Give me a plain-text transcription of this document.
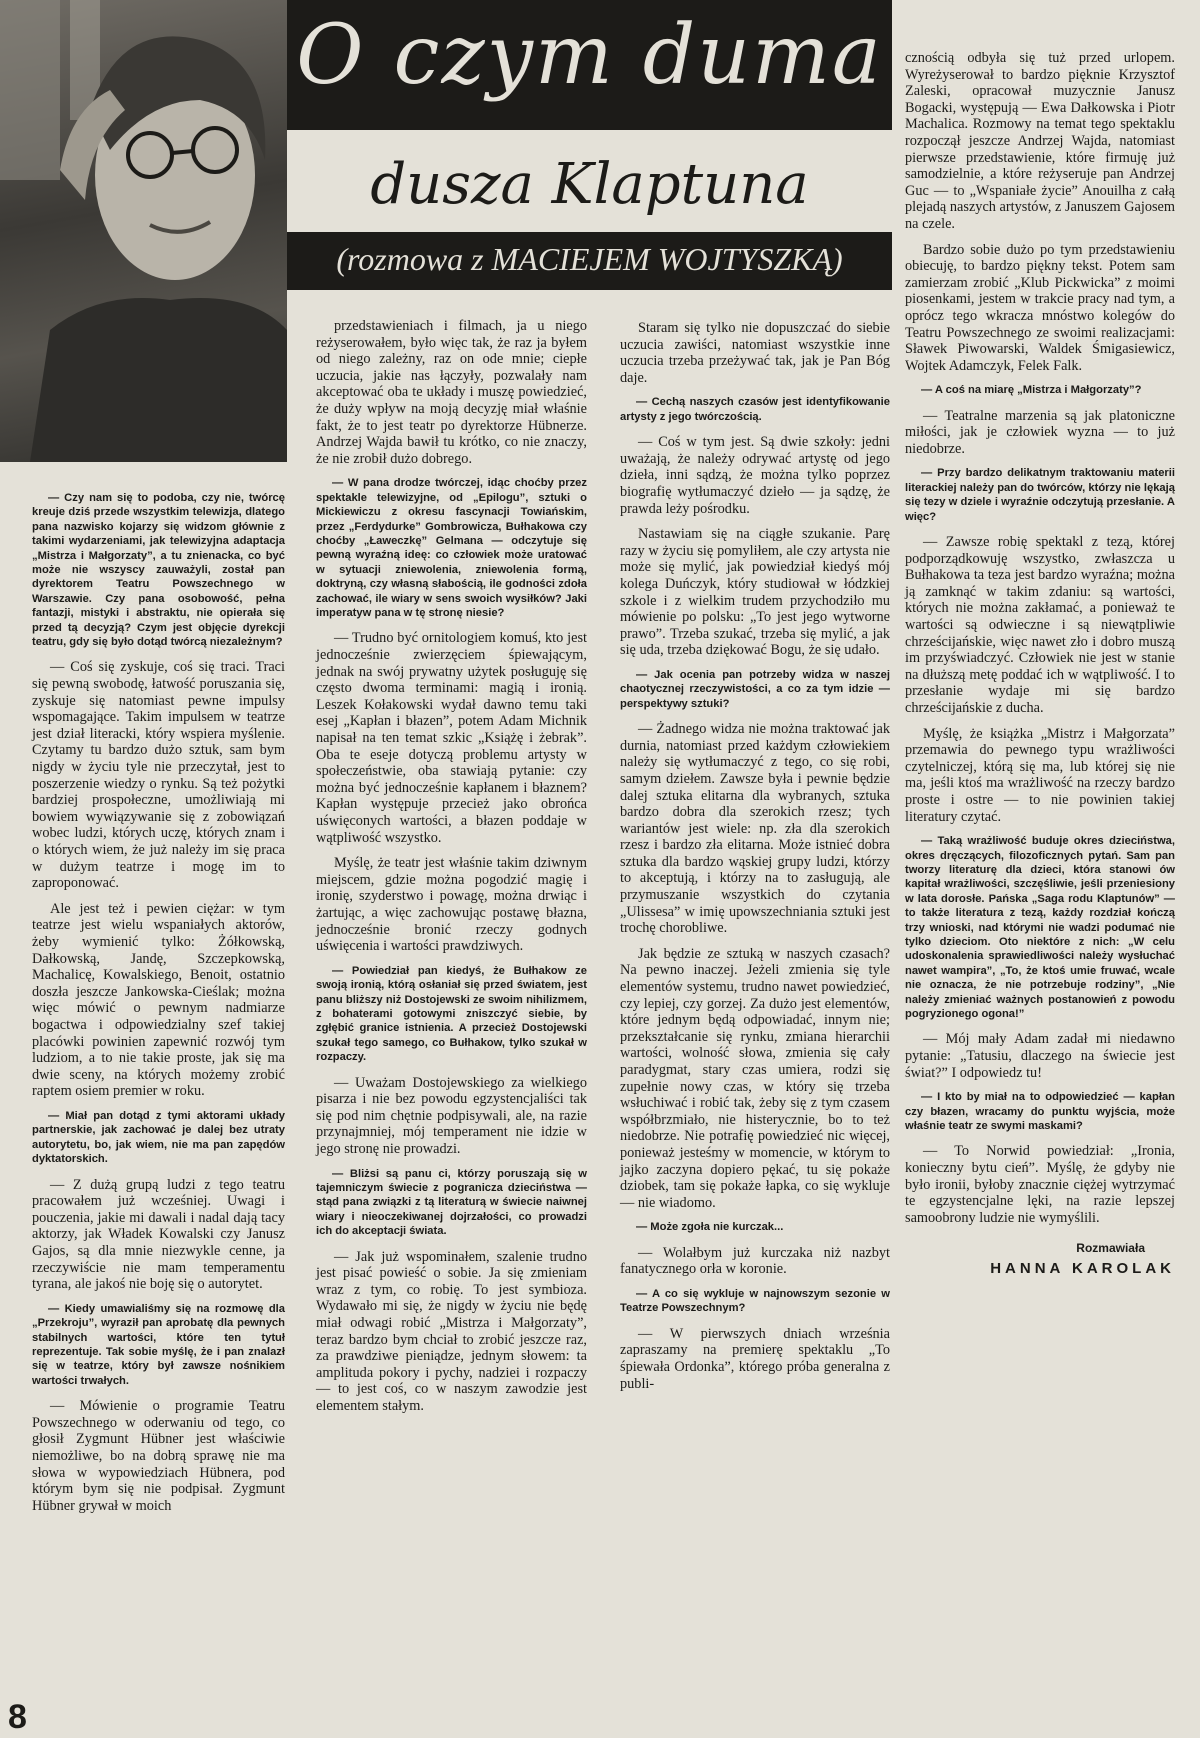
O czym duma
dusza Klaptuna
(rozmowa z MACIEJEM WOJTYSZKĄ)

— Czy nam się to podoba, czy nie, twórcę kreuje dziś przede wszystkim telewizja, dlatego pana nazwisko kojarzy się widzom głównie z takimi wydarzeniami, jak telewizyjna adaptacja „Mistrza i Małgorzaty”, a tu znienacka, co być może nie wszyscy zauważyli, został pan dyrektorem Teatru Powszechnego w Warszawie. Czy pana osobowość, pełna fantazji, mistyki i abstraktu, nie opierała się przed tą decyzją? Czym jest objęcie dyrekcji teatru, gdy się było dotąd twórcą niezależnym?

— Coś się zyskuje, coś się traci. Traci się pewną swobodę, łatwość poruszania się, zyskuje się natomiast pewne impulsy wspomagające. Takim impulsem w teatrze jest dział literacki, który wspiera myślenie. Czytamy tu bardzo dużo sztuk, sam bym nigdy w życiu tyle nie przeczytał, jest to poszerzenie wiedzy o rynku. Są też pożytki bardziej prospołeczne, umożliwiają mi bowiem wywiązywanie się z zobowiązań wobec ludzi, których uczę, których znam i o których wiem, że już należy im się praca w dużym teatrze i mogę im to zaproponować.

Ale jest też i pewien ciężar: w tym teatrze jest wielu wspaniałych aktorów, żeby wymienić tylko: Żółkowską, Dałkowską, Jandę, Szczepkowską, Machalicę, Kowalskiego, Benoit, ostatnio doszła jeszcze Jankowska-Cieślak; można więc mówić o pewnym nadmiarze bogactwa i odpowiedzialny szef takiej placówki powinien zapewnić rozwój tym ludziom, a to nie takie proste, jak się ma dwie sceny, na których możemy zrobić raptem osiem premier w roku.

— Miał pan dotąd z tymi aktorami układy partnerskie, jak zachować je dalej bez utraty autorytetu, bo, jak wiem, nie ma pan zapędów dyktatorskich.

— Z dużą grupą ludzi z tego teatru pracowałem już wcześniej. Uwagi i pouczenia, jakie mi dawali i nadal dają tacy aktorzy, jak Władek Kowalski czy Janusz Gajos, są dla mnie niezwykle cenne, ja rzeczywiście nie mam temperamentu tyrana, ale jakoś nie boję się o autorytet.

— Kiedy umawialiśmy się na rozmowę dla „Przekroju”, wyraził pan aprobatę dla pewnych stabilnych wartości, które ten tytuł reprezentuje. Tak sobie myślę, że i pan znalazł się w teatrze, który był zawsze nośnikiem wartości trwałych.

— Mówienie o programie Teatru Powszechnego w oderwaniu od tego, co głosił Zygmunt Hübner jest właściwie niemożliwe, bo na dobrą sprawę nie ma słowa w wypowiedziach Hübnera, pod którym bym się nie podpisał. Zygmunt Hübner grywał w moich

przedstawieniach i filmach, ja u niego reżyserowałem, było więc tak, że raz ja byłem od niego zależny, raz on ode mnie; ciepłe uczucia, jakie nas łączyły, pozwalały nam akceptować oba te układy i muszę powiedzieć, że duży wpływ na moją decyzję miał właśnie fakt, że to jest teatr po dyrektorze Hübnerze. Andrzej Wajda bawił tu krótko, co nie znaczy, że nie zrobił dużo dobrego.

— W pana drodze twórczej, idąc choćby przez spektakle telewizyjne, od „Epilogu”, sztuki o Mickiewiczu z okresu fascynacji Towiańskim, przez „Ferdydurke” Gombrowicza, Bułhakowa czy choćby „Ławeczkę” Gelmana — odczytuje się pewną wyraźną ideę: co człowiek może uratować w sytuacji zniewolenia, zniewolenia formą, doktryną, czy własną słabością, ile godności zdoła zachować, ile wiary w sens swoich wysiłków? Jaki imperatyw pana w tę stronę niesie?

— Trudno być ornitologiem komuś, kto jest jednocześnie zwierzęciem śpiewającym, jednak na swój prywatny użytek posługuję się często dwoma terminami: magią i ironią. Leszek Kołakowski wydał dawno temu taki esej „Kapłan i błazen”, potem Adam Michnik napisał na ten temat szkic „Książę i żebrak”. Oba te eseje dotyczą problemu artysty w społeczeństwie, oba stawiają pytanie: czy można być jednocześnie kapłanem i błaznem? Kapłan występuje przecież jako obrońca uświęconych wartości, a błazen poddaje w wątpliwość wszystko.

Myślę, że teatr jest właśnie takim dziwnym miejscem, gdzie można pogodzić magię i ironię, szyderstwo i powagę, można drwiąc i żartując, a więc zachowując postawę błazna, jednocześnie bronić rzeczy godnych uświęcenia i wartości prawdziwych.

— Powiedział pan kiedyś, że Bułhakow ze swoją ironią, którą osłaniał się przed światem, jest panu bliższy niż Dostojewski ze swoim nihilizmem, z bohaterami gotowymi zniszczyć siebie, by zgłębić granice istnienia. A przecież Dostojewski szukał tego samego, co Bułhakow, tylko szukał w rozpaczy.

— Uważam Dostojewskiego za wielkiego pisarza i nie bez powodu egzystencjaliści tak się pod nim chętnie podpisywali, ale, na razie przynajmniej, mój temperament nie idzie w jego stronę nie prowadzi.

— Bliżsi są panu ci, którzy poruszają się w tajemniczym świecie z pogranicza dzieciństwa — stąd pana związki z tą literaturą w świecie naiwnej wiary i nieoczekiwanej dojrzałości, co prowadzi ich do akceptacji świata.

— Jak już wspominałem, szalenie trudno jest pisać powieść o sobie. Ja się zmieniam wraz z tym, co robię. To jest symbioza. Wydawało mi się, że nigdy w życiu nie będę miał odwagi robić „Mistrza i Małgorzaty”, teraz bardzo bym chciał to zrobić jeszcze raz, za prawdziwe pieniądze, jednym słowem: ta amplituda pokory i pychy, nadziei i rozpaczy — to jest coś, co w naszym zawodzie jest elementem stałym.

Staram się tylko nie dopuszczać do siebie uczucia zawiści, natomiast wszystkie inne uczucia trzeba przeżywać tak, jak je Pan Bóg daje.

— Cechą naszych czasów jest identyfikowanie artysty z jego twórczością.

— Coś w tym jest. Są dwie szkoły: jedni uważają, że należy odrywać artystę od jego dzieła, inni sądzą, że można tylko poprzez biografię wytłumaczyć dzieło — ja sądzę, że prawda leży pośrodku.

Nastawiam się na ciągłe szukanie. Parę razy w życiu się pomyliłem, ale czy artysta nie może się mylić, jak powiedział kiedyś mój kolega Duńczyk, który studiował w łódzkiej szkole i z wielkim trudem przychodziło mu mówienie po polsku: „To jest jego wytworne prawo”. Trzeba szukać, trzeba się mylić, a jak się uda, trzeba dziękować Bogu, że się udało.

— Jak ocenia pan potrzeby widza w naszej chaotycznej rzeczywistości, a co za tym idzie — perspektywy sztuki?

— Żadnego widza nie można traktować jak durnia, natomiast przed każdym człowiekiem należy się wytłumaczyć z tego, co się robi, samym dziełem. Zawsze była i pewnie będzie dalej sztuka elitarna dla wybranych, sztuka bardzo dobra dla szerokich rzesz; tych wariantów jest wiele: np. zła dla szerokich rzesz i bardzo zła elitarna. Może istnieć dobra sztuka dla bardzo wąskiej grupy ludzi, którzy to akceptują, i którzy na to zasługują, ale przymuszanie wszystkich do czytania „Ulissesa” w imię upowszechniania sztuki jest trochę chorobliwe.

Jak będzie ze sztuką w naszych czasach? Na pewno inaczej. Jeżeli zmienia się tyle elementów systemu, trudno nawet powiedzieć, czy lepiej, czy gorzej. Za dużo jest elementów, które jednym będą odpowiadać, innym nie; przekształcanie się rynku, zmiana hierarchii wartości, wolność słowa, zmienia się cały paradygmat, stary czas umiera, rodzi się zupełnie nowy czas, w który się trzeba wsłuchiwać i robić tak, żeby się z tym czasem współbrzmiało, nie histerycznie, bo to też niedobrze. Nie potrafię powiedzieć nic więcej, ponieważ jesteśmy w momencie, w którym to jajko zaczyna dopiero pękać, tu się pokaże dziobek, tam się pokaże łapka, co się wykluje — nie wiadomo.

— Może zgoła nie kurczak...

— Wolałbym już kurczaka niż nazbyt fanatycznego orła w koronie.

— A co się wykluje w najnowszym sezonie w Teatrze Powszechnym?

— W pierwszych dniach września zapraszamy na premierę spektaklu „To śpiewała Ordonka”, którego próba generalna z publi-

cznością odbyła się tuż przed urlopem. Wyreżyserował to bardzo pięknie Krzysztof Zaleski, opracował muzycznie Janusz Bogacki, występują — Ewa Dałkowska i Piotr Machalica. Rozmowy na temat tego spektaklu rozpoczął jeszcze Andrzej Wajda, natomiast pierwsze przedstawienie, które firmuję już samodzielnie, a które reżyseruje pan Andrzej Guc — to „Wspaniałe życie” Anouilha z całą plejadą naszych artystów, z Januszem Gajosem na czele.

Bardzo sobie dużo po tym przedstawieniu obiecuję, to bardzo piękny tekst. Potem sam zamierzam zrobić „Klub Pickwicka” z moimi piosenkami, jestem w trakcie pracy nad tym, a oprócz tego wkracza mnóstwo kolegów do Teatru Powszechnego ze swoimi realizacjami: Sławek Piwowarski, Waldek Śmigasiewicz, Wojtek Adamczyk, Felek Falk.

— A coś na miarę „Mistrza i Małgorzaty”?

— Teatralne marzenia są jak platoniczne miłości, jak je człowiek wyzna — to już niedobrze.

— Przy bardzo delikatnym traktowaniu materii literackiej należy pan do twórców, którzy nie lękają się tezy w dziele i wyraźnie odczytują przesłanie. A więc?

— Zawsze robię spektakl z tezą, której podporządkowuję wszystko, zwłaszcza u Bułhakowa ta teza jest bardzo wyraźna; można ją zamknąć w takim zdaniu: są wartości, których nie można zakłamać, a ponieważ te wartości są odwieczne i są niewątpliwie chrześcijańskie, więc nawet zło i dobro muszą im przyświadczyć. Człowiek nie jest w stanie na dłuższą metę poddać ich w wątpliwość. I to przesłanie wydaje mi się bardzo chrześcijańskie z ducha.

Myślę, że książka „Mistrz i Małgorzata” przemawia do pewnego typu wrażliwości czytelniczej, którą się ma, lub której się nie ma, jeśli ktoś ma wrażliwość na rzeczy bardzo proste i ostre — to nie powinien takiej literatury czytać.

— Taką wrażliwość buduje okres dzieciństwa, okres dręczących, filozoficznych pytań. Sam pan tworzy literaturę dla dzieci, która stanowi ów kapitał wrażliwości, szczęśliwie, jeśli przeniesiony w lata dorosłe. Pańska „Saga rodu Klaptunów” — to także literatura z tezą, każdy rozdział kończą trzy wnioski, nad którymi nie wadzi podumać nie tylko dzieciom. Oto niektóre z nich: „W celu udoskonalenia sprawiedliwości należy wysłuchać nawet wampira”, „To, że ktoś umie fruwać, wcale nie oznacza, że nie potrzebuje rodziny”, „Nie należy zmieniać ważnych postanowień z powodu pogryzionego ogona!”

— Mój mały Adam zadał mi niedawno pytanie: „Tatusiu, dlaczego na świecie jest świat?” I odpowiedz tu!

— I kto by miał na to odpowiedzieć — kapłan czy błazen, wracamy do punktu wyjścia, może właśnie teatr ze swymi maskami?

— To Norwid powiedział: „Ironia, konieczny bytu cień”. Myślę, że gdyby nie było ironii, byłoby znacznie ciężej wytrzymać te egzystencjalne lęki, na razie lepszej samoobrony ludzie nie wymyślili.

Rozmawiała

HANNA KAROLAK

8
